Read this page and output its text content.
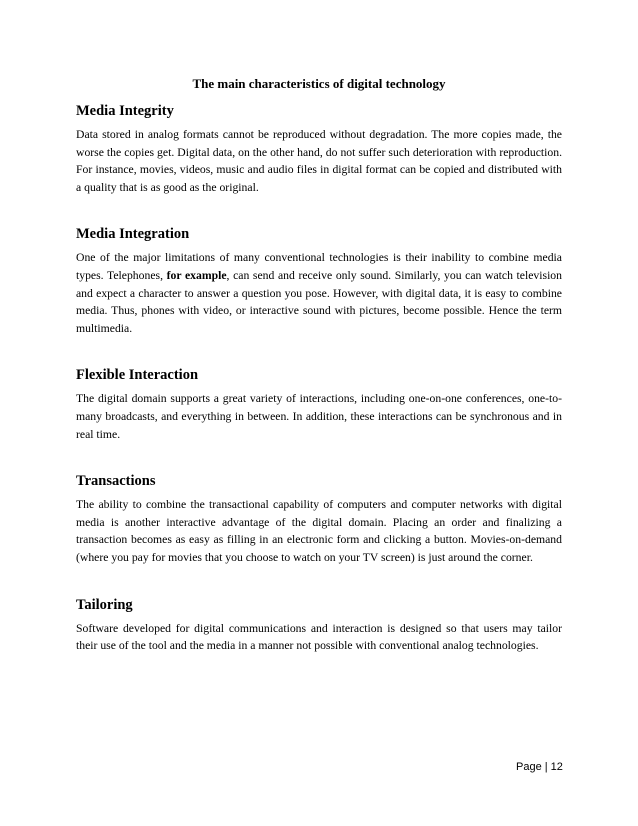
The main characteristics of digital technology
Media Integrity

Data stored in analog formats cannot be reproduced without degradation. The more copies made, the worse the copies get. Digital data, on the other hand, do not suffer such deterioration with reproduction. For instance, movies, videos, music and audio files in digital format can be copied and distributed with a quality that is as good as the original.

Media Integration

One of the major limitations of many conventional technologies is their inability to combine media types. Telephones, for example, can send and receive only sound. Similarly, you can watch television and expect a character to answer a question you pose. However, with digital data, it is easy to combine media. Thus, phones with video, or interactive sound with pictures, become possible. Hence the term multimedia.

Flexible Interaction

The digital domain supports a great variety of interactions, including one-on-one conferences, one-to-many broadcasts, and everything in between. In addition, these interactions can be synchronous and in real time.

Transactions

The ability to combine the transactional capability of computers and computer networks with digital media is another interactive advantage of the digital domain. Placing an order and finalizing a transaction becomes as easy as filling in an electronic form and clicking a button. Movies-on-demand (where you pay for movies that you choose to watch on your TV screen) is just around the corner.

Tailoring

Software developed for digital communications and interaction is designed so that users may tailor their use of the tool and the media in a manner not possible with conventional analog technologies.

Page | 12
